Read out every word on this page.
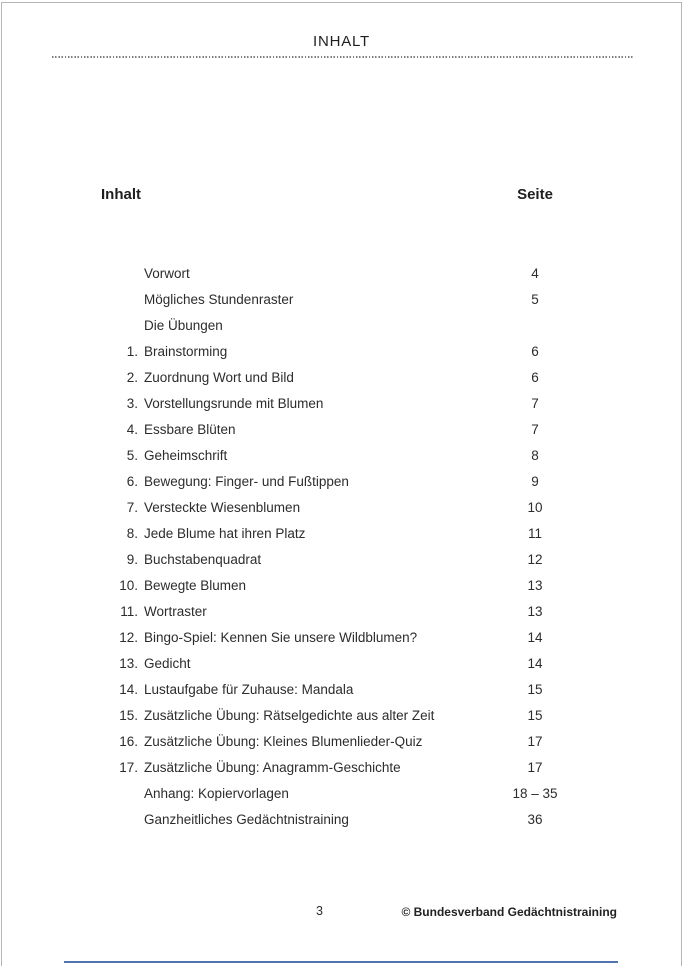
INHALT
Inhalt	Seite
Vorwort	4
Mögliches Stundenraster	5
Die Übungen
1. Brainstorming	6
2. Zuordnung Wort und Bild	6
3. Vorstellungsrunde mit Blumen	7
4. Essbare Blüten	7
5. Geheimschrift	8
6. Bewegung: Finger- und Fußtippen	9
7. Versteckte Wiesenblumen	10
8. Jede Blume hat ihren Platz	11
9. Buchstabenquadrat	12
10. Bewegte Blumen	13
11. Wortraster	13
12. Bingo-Spiel: Kennen Sie unsere Wildblumen?	14
13. Gedicht	14
14. Lustaufgabe für Zuhause: Mandala	15
15. Zusätzliche Übung: Rätselgedichte aus alter Zeit	15
16. Zusätzliche Übung: Kleines Blumenlieder-Quiz	17
17. Zusätzliche Übung: Anagramm-Geschichte	17
Anhang: Kopiervorlagen	18 – 35
Ganzheitliches Gedächtnistraining	36
3	© Bundesverband Gedächtnistraining
